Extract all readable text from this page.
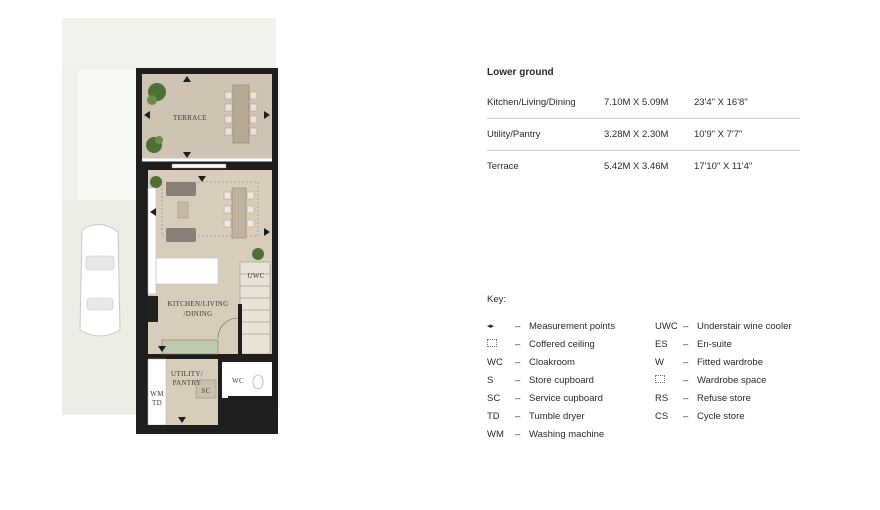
TERRACE
UWC
KITCHEN/LIVING
/DINING
UTILITY/
PANTRY
SC
WM
TD
WC
Lower ground
Kitchen/Living/Dining	7.10M X 5.09M	23'4" X 16'8"
Utility/Pantry	3.28M X 2.30M	10'9" X 7'7"
Terrace	5.42M X 3.46M	17'10" X 11'4"
Key:
◂▸	– Measurement points
– Coffered ceiling
WC	– Cloakroom
S	– Store cupboard
SC	– Service cupboard
TD	– Tumble dryer
WM	– Washing machine
UWC – Understair wine cooler
ES	– En-suite
W	– Fitted wardrobe
– Wardrobe space
RS	– Refuse store
CS	– Cycle store
